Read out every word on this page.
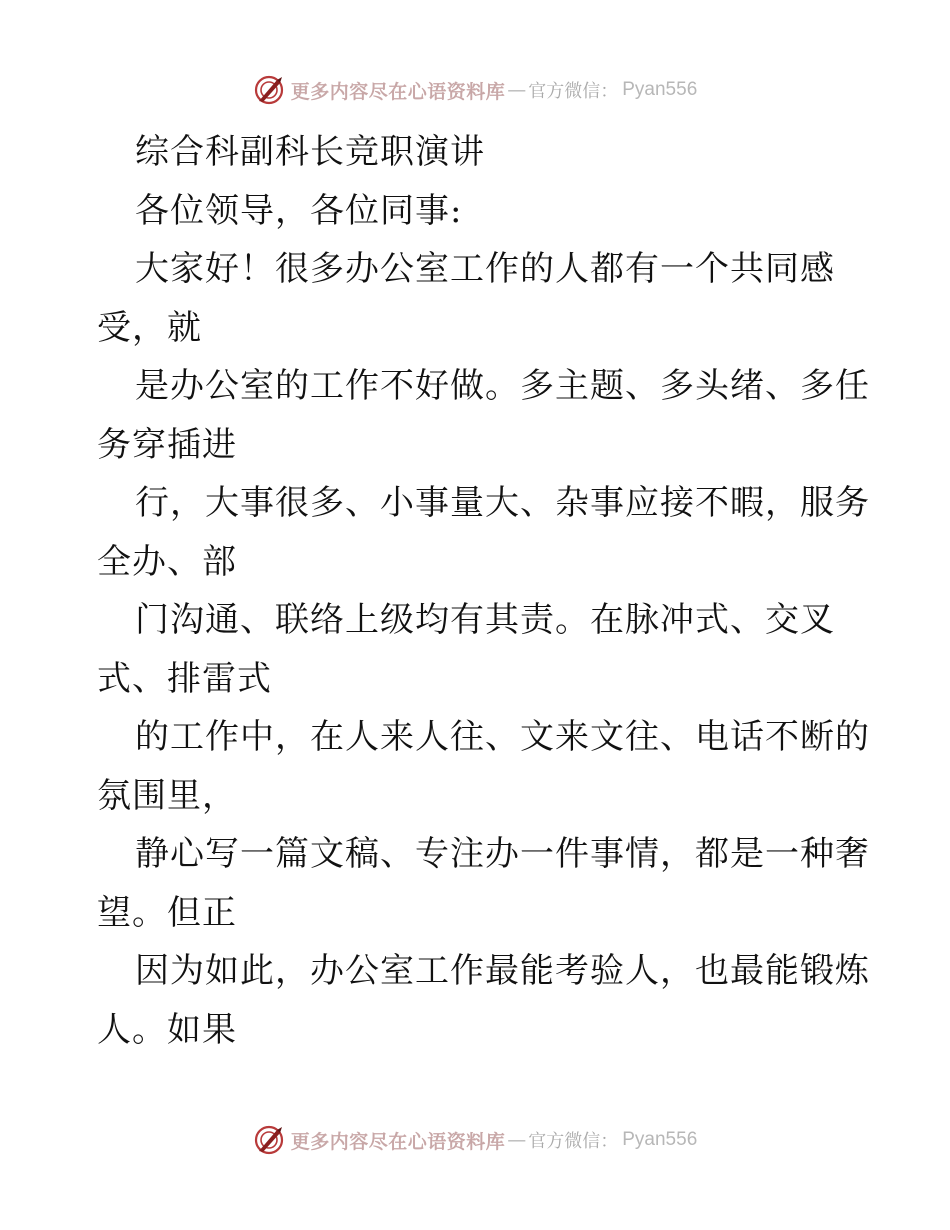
更多内容尽在心语资料库 — 官方微信： Pyan556
综合科副科长竞职演讲
各位领导，各位同事:
大家好！很多办公室工作的人都有一个共同感
受，就
是办公室的工作不好做。多主题、多头绪、多任
务穿插进
行，大事很多、小事量大、杂事应接不暇，服务
全办、部
门沟通、联络上级均有其责。在脉冲式、交叉
式、排雷式
的工作中，在人来人往、文来文往、电话不断的
氛围里，
静心写一篇文稿、专注办一件事情，都是一种奢
望。但正
因为如此，办公室工作最能考验人，也最能锻炼
人。如果
更多内容尽在心语资料库 — 官方微信： Pyan556
